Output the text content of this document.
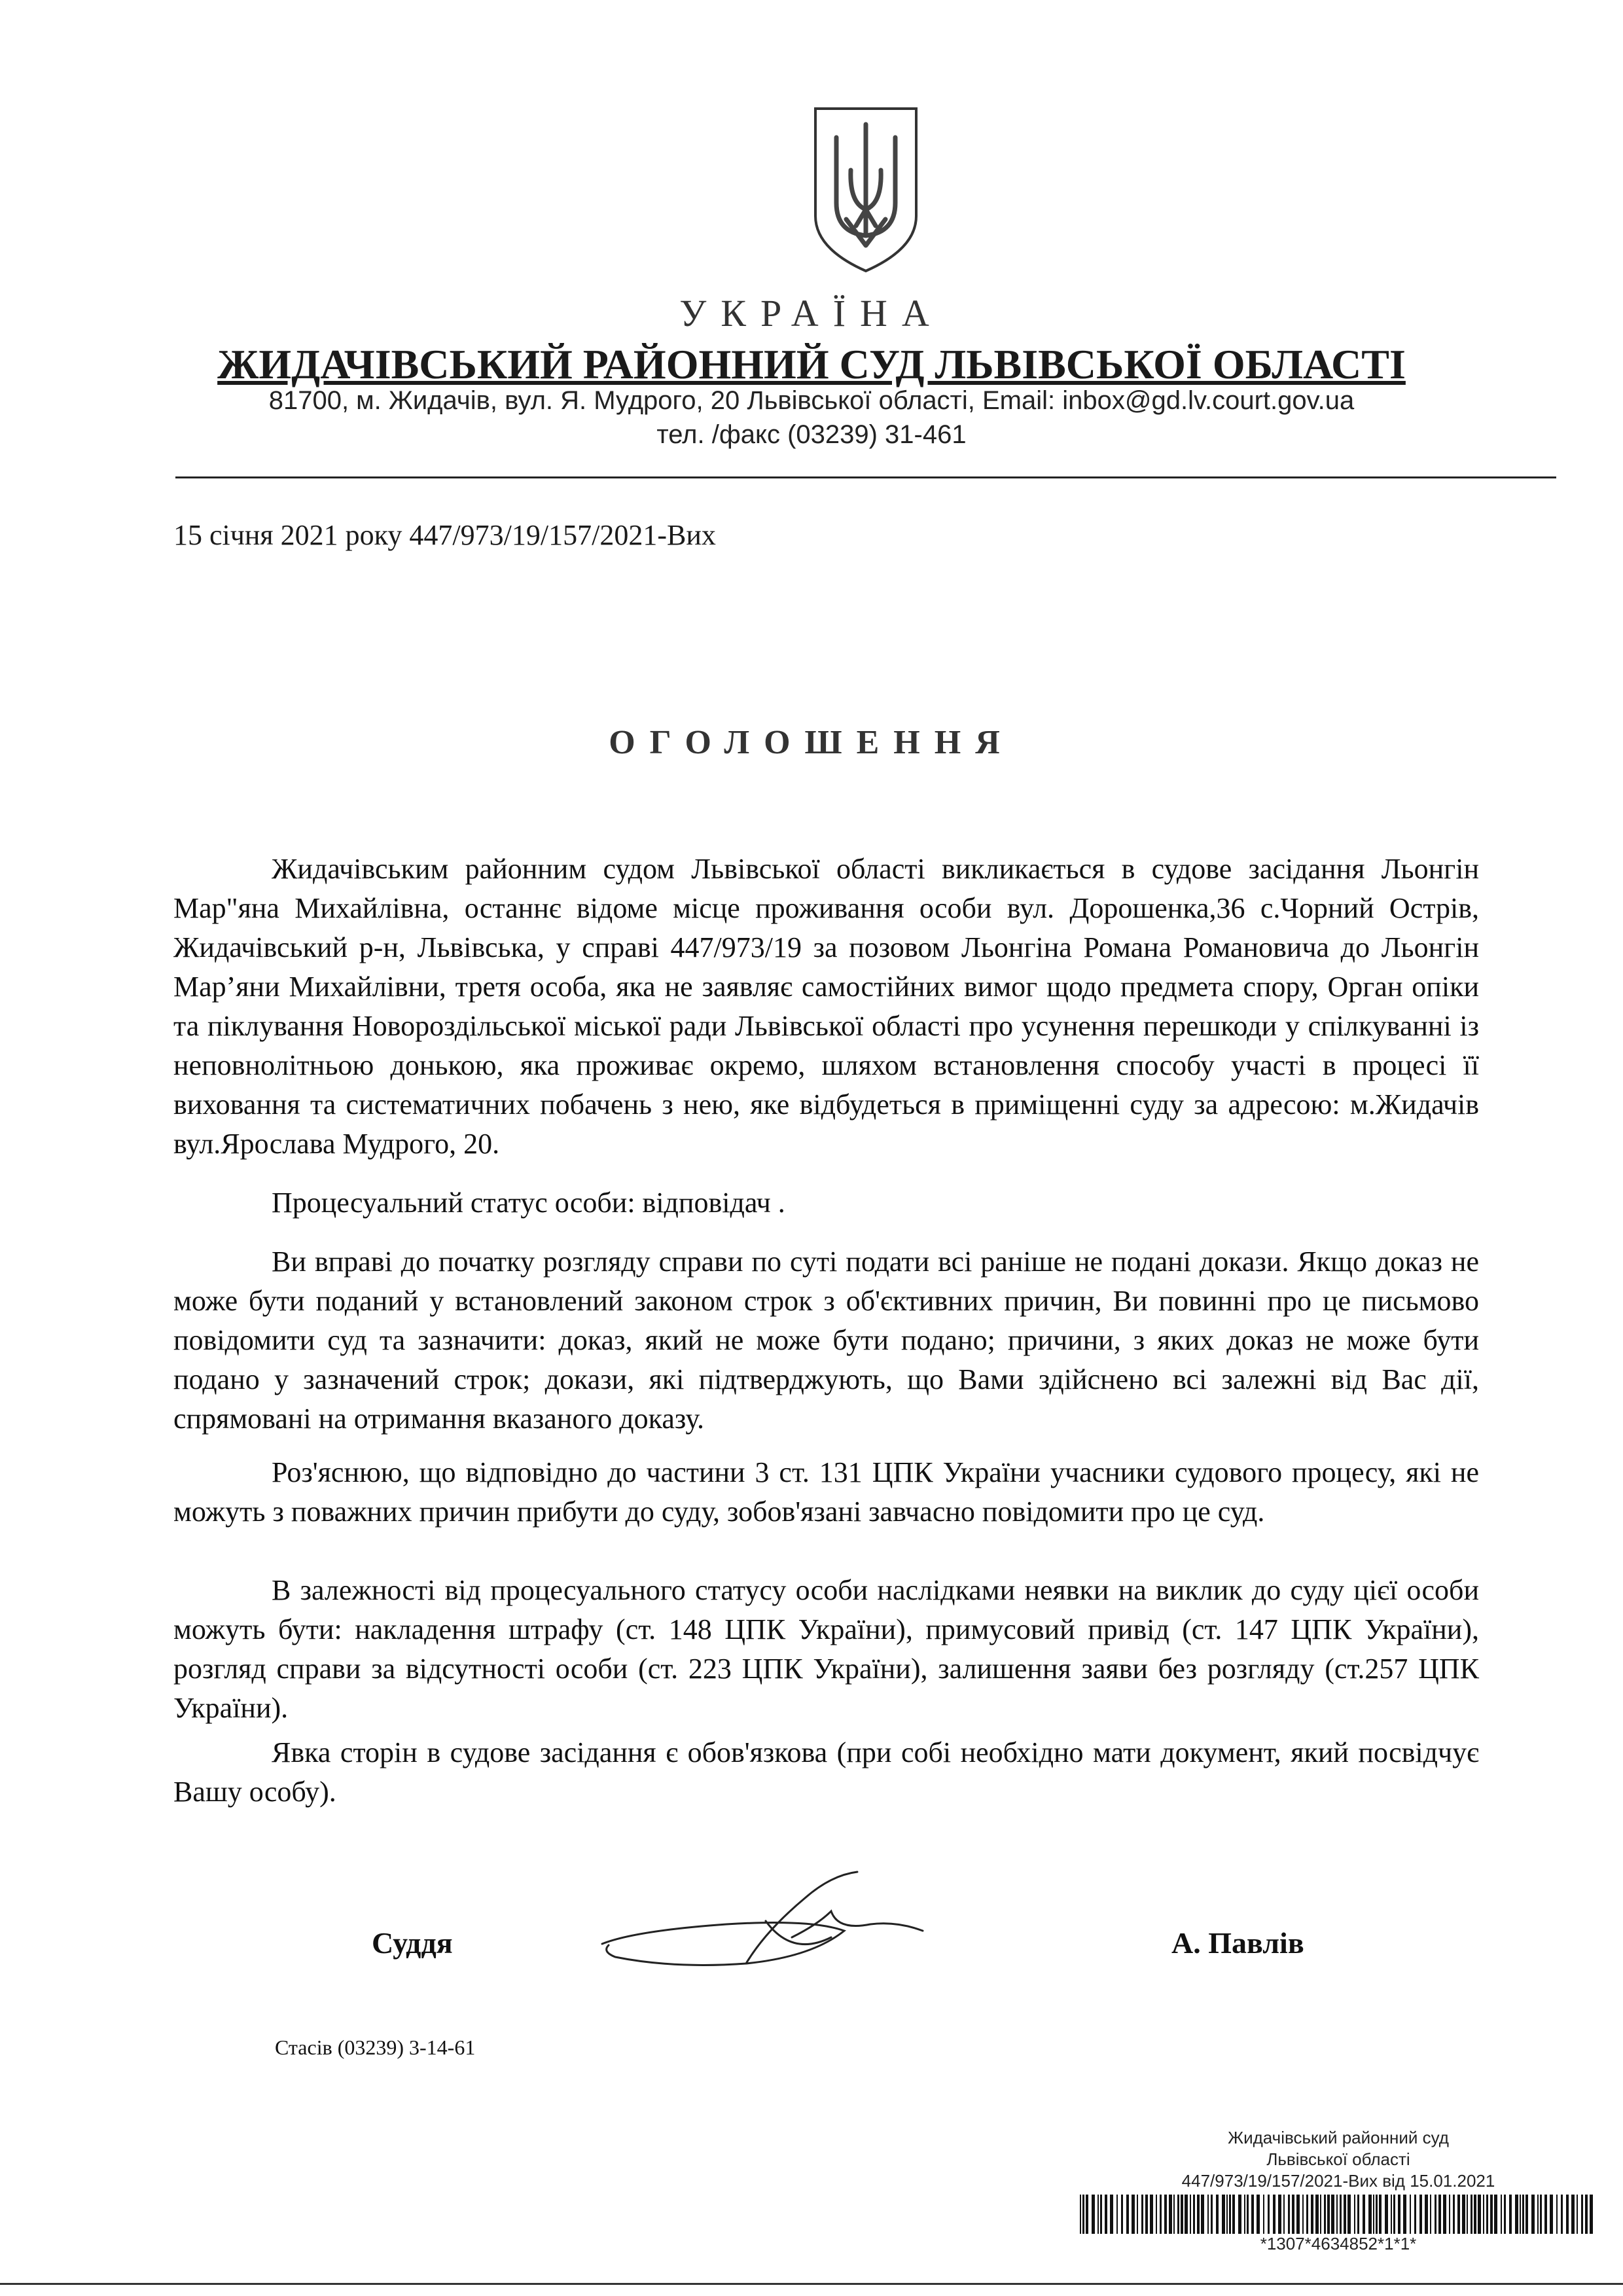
УКРАЇНА
ЖИДАЧІВСЬКИЙ РАЙОННИЙ СУД ЛЬВІВСЬКОЇ ОБЛАСТІ
81700, м. Жидачів, вул. Я. Мудрого, 20 Львівської області, Email: inbox@gd.lv.court.gov.ua
тел. /факс (03239) 31-461
15 січня 2021 року 447/973/19/157/2021-Вих
ОГОЛОШЕННЯ

Жидачівським районним судом Львівської області викликається в судове засідання Льонгін Мар"яна Михайлівна, останнє відоме місце проживання особи вул. Дорошенка,36 с.Чорний Острів, Жидачівський р-н, Львівська, у справі 447/973/19 за позовом Льонгіна Романа Романовича до Льонгін Мар’яни Михайлівни, третя особа, яка не заявляє самостійних вимог щодо предмета спору, Орган опіки та піклування Новороздільської міської ради Львівської області про усунення перешкоди у спілкуванні із неповнолітньою донькою, яка проживає окремо, шляхом встановлення способу участі в процесі її виховання та систематичних побачень з нею, яке відбудеться в приміщенні суду за адресою: м.Жидачів вул.Ярослава Мудрого, 20.

Процесуальний статус особи: відповідач .

Ви вправі до початку розгляду справи по суті подати всі раніше не подані докази. Якщо доказ не може бути поданий у встановлений законом строк з об'єктивних причин, Ви повинні про це письмово повідомити суд та зазначити: доказ, який не може бути подано; причини, з яких доказ не може бути подано у зазначений строк; докази, які підтверджують, що Вами здійснено всі залежні від Вас дії, спрямовані на отримання вказаного доказу.

Роз'яснюю, що відповідно до частини 3 ст. 131 ЦПК України учасники судового процесу, які не можуть з поважних причин прибути до суду, зобов'язані завчасно повідомити про це суд.

В залежності від процесуального статусу особи наслідками неявки на виклик до суду цієї особи можуть бути: накладення штрафу (ст. 148 ЦПК України), примусовий привід (ст. 147 ЦПК України), розгляд справи за відсутності особи (ст. 223 ЦПК України), залишення заяви без розгляду (ст.257 ЦПК України).

Явка сторін в судове засідання є обов'язкова (при собі необхідно мати документ, який посвідчує Вашу особу).

Суддя	А. Павлів
Стасів (03239) 3-14-61
Жидачівський районний суд
Львівської області
447/973/19/157/2021-Вих від 15.01.2021
*1307*4634852*1*1*
